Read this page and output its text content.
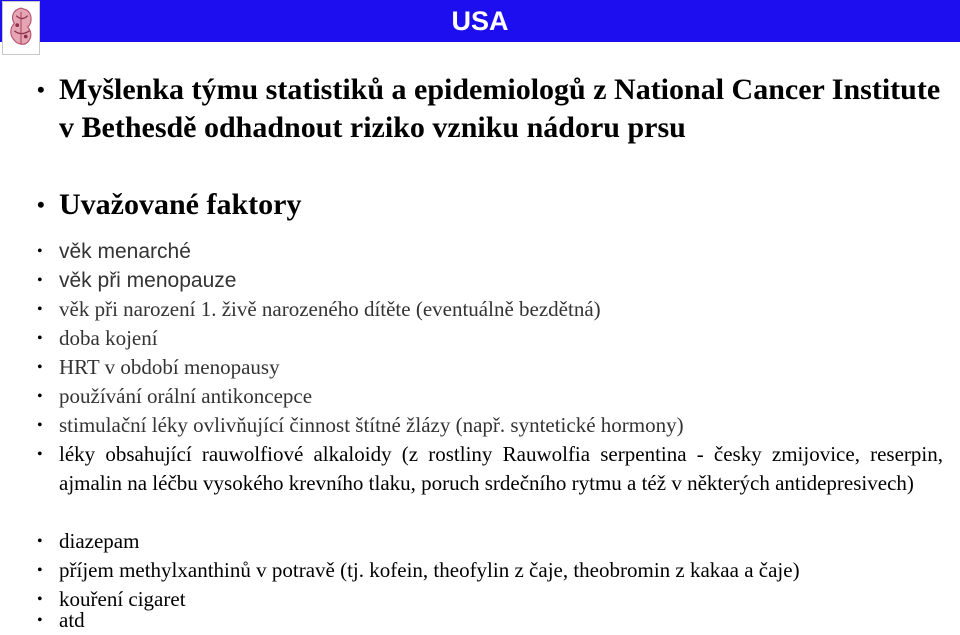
USA
• Myšlenka týmu statistiků a epidemiologů z National Cancer Institute v Bethesdě odhadnout riziko vzniku nádoru prsu
• Uvažované faktory
• věk menarché
• věk při menopauze
• věk při narození 1. živě narozeného dítěte (eventuálně bezdětná)
• doba kojení
• HRT v období menopausy
• používání orální antikoncepce
• stimulační léky ovlivňující činnost štítné žlázy (např. syntetické hormony)
• léky obsahující rauwolfiové alkaloidy (z rostliny Rauwolfia serpentina - česky zmijovice, reserpin, ajmalin na léčbu vysokého krevního tlaku, poruch srdečního rytmu a též v některých antidepresivech)
• diazepam
• příjem methylxanthinů v potravě (tj. kofein, theofylin z čaje, theobromin z kakaa a čaje)
• kouření cigaret
• atd
